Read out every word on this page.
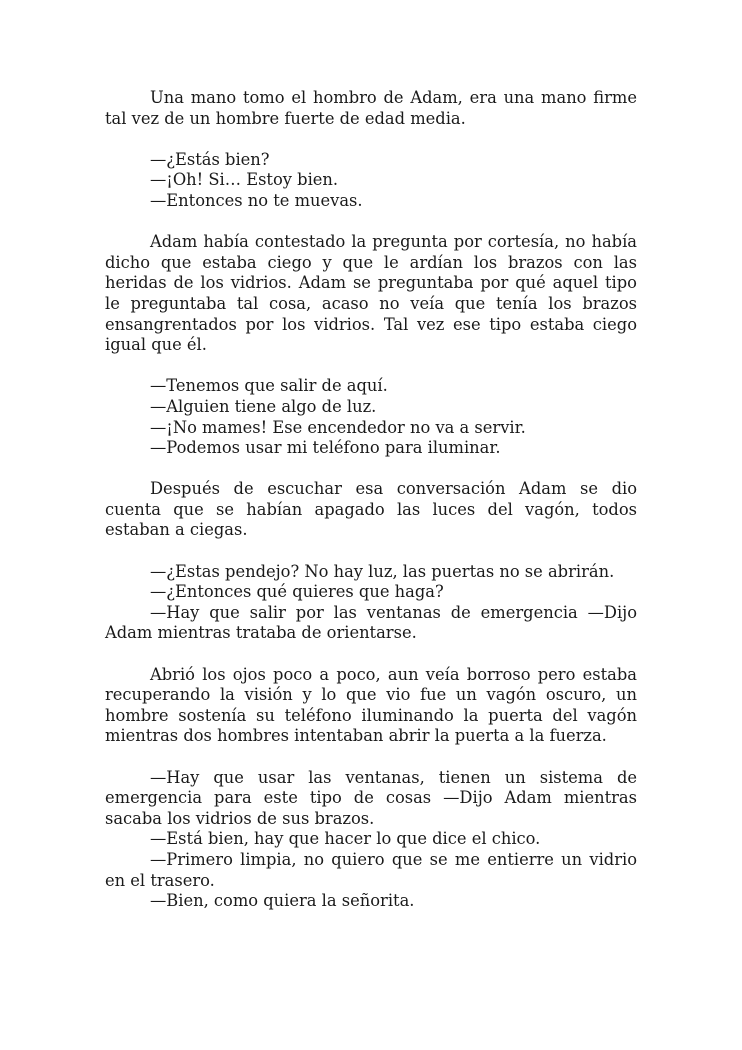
Una mano tomo el hombro de Adam, era una mano firme tal vez de un hombre fuerte de edad media.

—¿Estás bien?

—¡Oh! Si… Estoy bien.

—Entonces no te muevas.

Adam había contestado la pregunta por cortesía, no había dicho que estaba ciego y que le ardían los brazos con las heridas de los vidrios. Adam se preguntaba por qué aquel tipo le preguntaba tal cosa, acaso no veía que tenía los brazos ensangrentados por los vidrios. Tal vez ese tipo estaba ciego igual que él.

—Tenemos que salir de aquí.

—Alguien tiene algo de luz.

—¡No mames! Ese encendedor no va a servir.

—Podemos usar mi teléfono para iluminar.

Después de escuchar esa conversación Adam se dio cuenta que se habían apagado las luces del vagón, todos estaban a ciegas.

—¿Estas pendejo? No hay luz, las puertas no se abrirán.

—¿Entonces qué quieres que haga?

—Hay que salir por las ventanas de emergencia —Dijo Adam mientras trataba de orientarse.

Abrió los ojos poco a poco, aun veía borroso pero estaba recuperando la visión y lo que vio fue un vagón oscuro, un hombre sostenía su teléfono iluminando la puerta del vagón mientras dos hombres intentaban abrir la puerta a la fuerza.

—Hay que usar las ventanas, tienen un sistema de emergencia para este tipo de cosas —Dijo Adam mientras sacaba los vidrios de sus brazos.

—Está bien, hay que hacer lo que dice el chico.

—Primero limpia, no quiero que se me entierre un vidrio en el trasero.

—Bien, como quiera la señorita.
